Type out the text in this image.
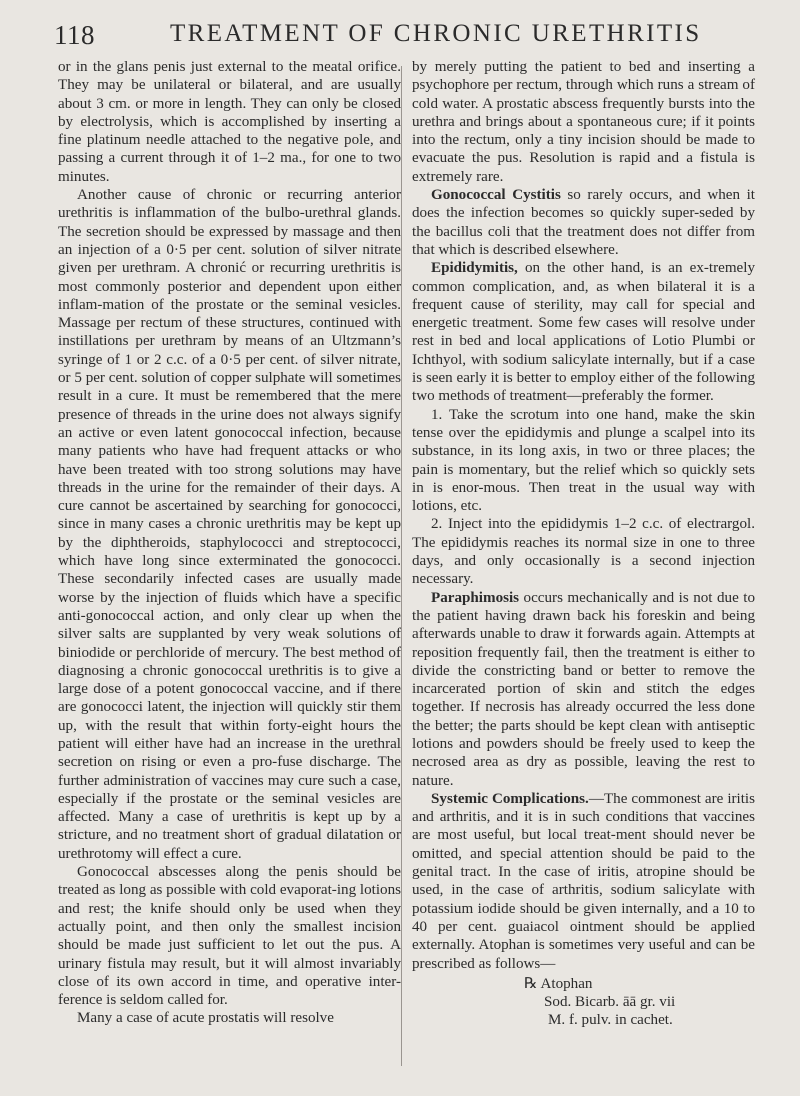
118	TREATMENT OF CHRONIC URETHRITIS

or in the glans penis just external to the meatal orifice. They may be unilateral or bilateral, and are usually about 3 cm. or more in length. They can only be closed by electrolysis, which is accomplished by inserting a fine platinum needle attached to the negative pole, and passing a current through it of 1–2 ma., for one to two minutes.

Another cause of chronic or recurring anterior urethritis is inflammation of the bulbo-urethral glands. The secretion should be expressed by massage and then an injection of a 0·5 per cent. solution of silver nitrate given per urethram. A chronić or recurring urethritis is most commonly posterior and dependent upon either inflam-mation of the prostate or the seminal vesicles. Massage per rectum of these structures, continued with instillations per urethram by means of an Ultzmann’s syringe of 1 or 2 c.c. of a 0·5 per cent. of silver nitrate, or 5 per cent. solution of copper sulphate will sometimes result in a cure. It must be remembered that the mere presence of threads in the urine does not always signify an active or even latent gonococcal infection, because many patients who have had frequent attacks or who have been treated with too strong solutions may have threads in the urine for the remainder of their days. A cure cannot be ascertained by searching for gonococci, since in many cases a chronic urethritis may be kept up by the diphtheroids, staphylococci and streptococci, which have long since exterminated the gonococci. These secondarily infected cases are usually made worse by the injection of fluids which have a specific anti-gonococcal action, and only clear up when the silver salts are supplanted by very weak solutions of biniodide or perchloride of mercury. The best method of diagnosing a chronic gonococcal urethritis is to give a large dose of a potent gonococcal vaccine, and if there are gonococci latent, the injection will quickly stir them up, with the result that within forty-eight hours the patient will either have had an increase in the urethral secretion on rising or even a pro-fuse discharge. The further administration of vaccines may cure such a case, especially if the prostate or the seminal vesicles are affected. Many a case of urethritis is kept up by a stricture, and no treatment short of gradual dilatation or urethrotomy will effect a cure.

Gonococcal abscesses along the penis should be treated as long as possible with cold evaporat-ing lotions and rest; the knife should only be used when they actually point, and then only the smallest incision should be made just sufficient to let out the pus. A urinary fistula may result, but it will almost invariably close of its own accord in time, and operative inter-ference is seldom called for.

Many a case of acute prostatis will resolve

by merely putting the patient to bed and inserting a psychophore per rectum, through which runs a stream of cold water. A prostatic abscess frequently bursts into the urethra and brings about a spontaneous cure; if it points into the rectum, only a tiny incision should be made to evacuate the pus. Resolution is rapid and a fistula is extremely rare.

Gonococcal Cystitis so rarely occurs, and when it does the infection becomes so quickly super-seded by the bacillus coli that the treatment does not differ from that which is described elsewhere.

Epididymitis, on the other hand, is an ex-tremely common complication, and, as when bilateral it is a frequent cause of sterility, may call for special and energetic treatment. Some few cases will resolve under rest in bed and local applications of Lotio Plumbi or Ichthyol, with sodium salicylate internally, but if a case is seen early it is better to employ either of the following two methods of treatment—preferably the former.

1. Take the scrotum into one hand, make the skin tense over the epididymis and plunge a scalpel into its substance, in its long axis, in two or three places; the pain is momentary, but the relief which so quickly sets in is enor-mous. Then treat in the usual way with lotions, etc.

2. Inject into the epididymis 1–2 c.c. of electrargol. The epididymis reaches its normal size in one to three days, and only occasionally is a second injection necessary.

Paraphimosis occurs mechanically and is not due to the patient having drawn back his foreskin and being afterwards unable to draw it forwards again. Attempts at reposition frequently fail, then the treatment is either to divide the constricting band or better to remove the incarcerated portion of skin and stitch the edges together. If necrosis has already occurred the less done the better; the parts should be kept clean with antiseptic lotions and powders should be freely used to keep the necrosed area as dry as possible, leaving the rest to nature.

Systemic Complications.—The commonest are iritis and arthritis, and it is in such conditions that vaccines are most useful, but local treat-ment should never be omitted, and special attention should be paid to the genital tract. In the case of iritis, atropine should be used, in the case of arthritis, sodium salicylate with potassium iodide should be given internally, and a 10 to 40 per cent. guaiacol ointment should be applied externally. Atophan is sometimes very useful and can be prescribed as follows—

℞ Atophan
Sod. Bicarb. āā gr. vii
M. f. pulv. in cachet.
